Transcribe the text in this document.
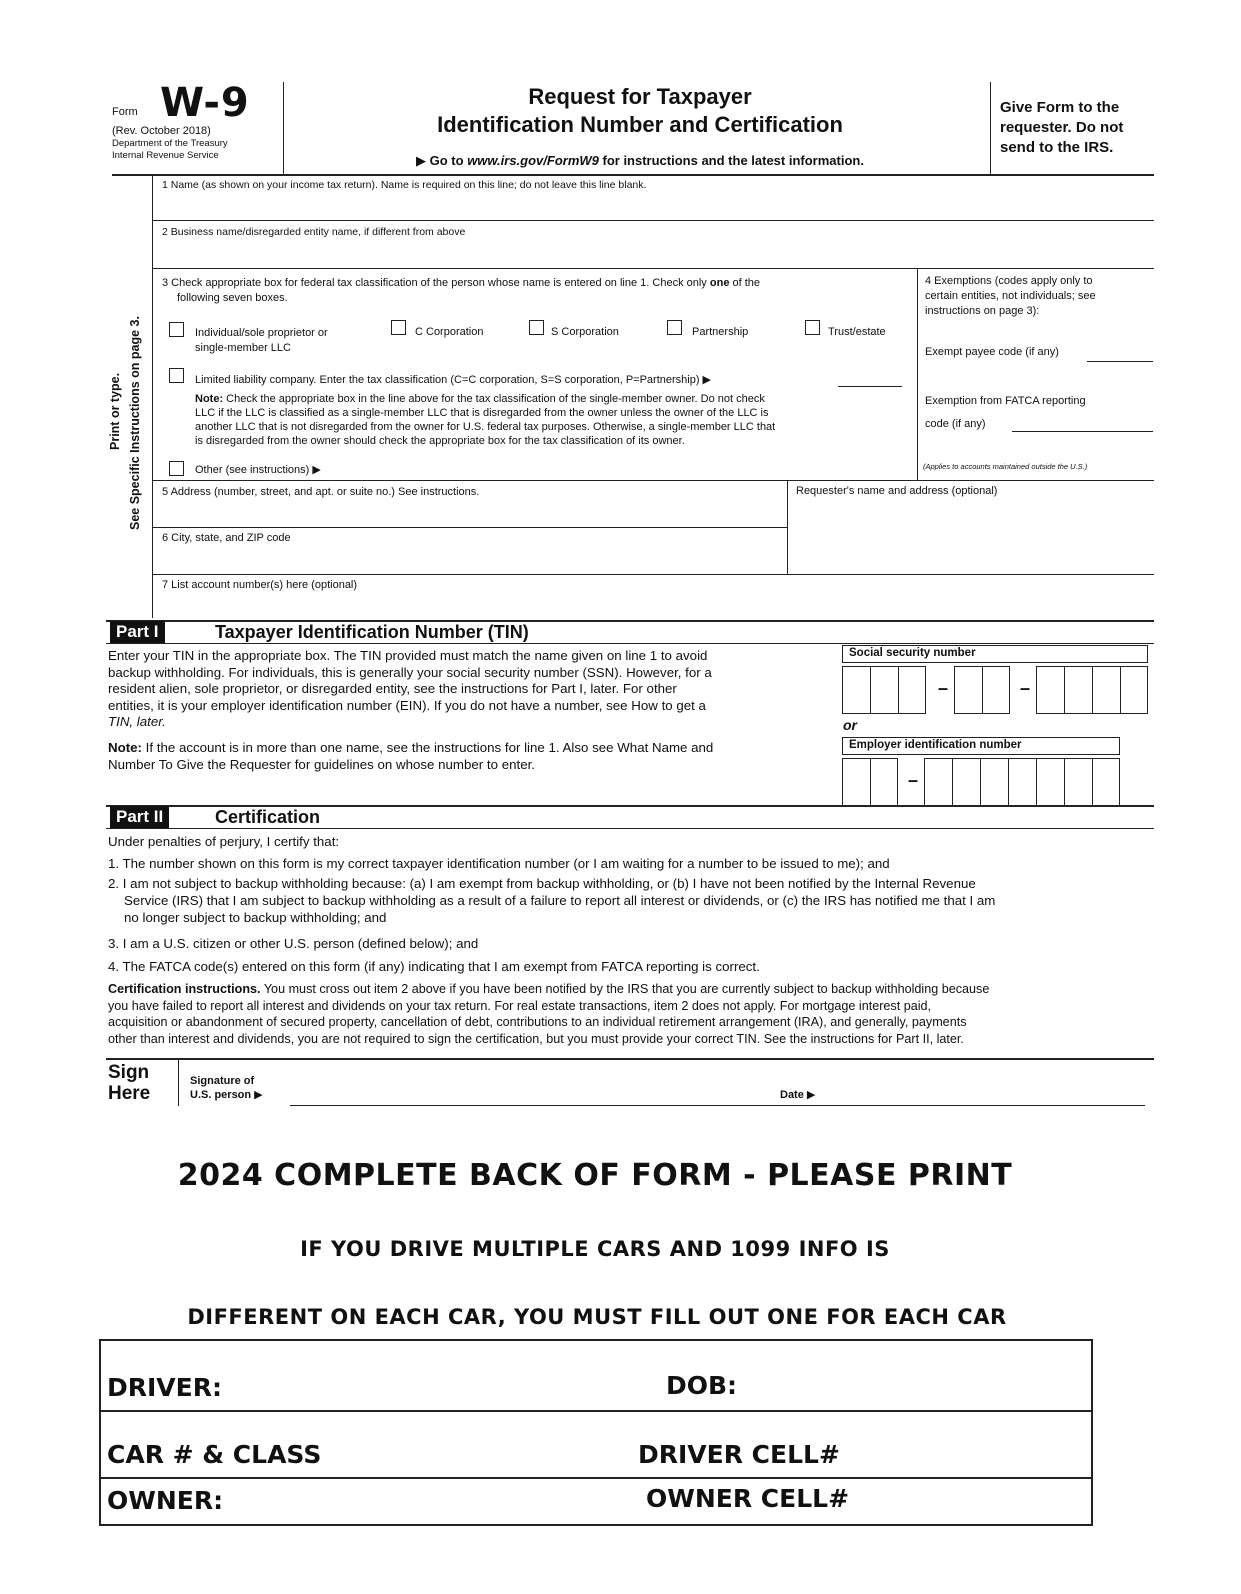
Form W-9
(Rev. October 2018)
Department of the Treasury
Internal Revenue Service
Request for Taxpayer
Identification Number and Certification
▶ Go to www.irs.gov/FormW9 for instructions and the latest information.
Give Form to the
requester. Do not
send to the IRS.
Print or type. See Specific Instructions on page 3.
1 Name (as shown on your income tax return). Name is required on this line; do not leave this line blank.
2 Business name/disregarded entity name, if different from above
3 Check appropriate box for federal tax classification of the person whose name is entered on line 1. Check only one of the
following seven boxes.
Individual/sole proprietor or
single-member LLC
C Corporation	S Corporation	Partnership	Trust/estate
Limited liability company. Enter the tax classification (C=C corporation, S=S corporation, P=Partnership) ▶
Note: Check the appropriate box in the line above for the tax classification of the single-member owner. Do not check
LLC if the LLC is classified as a single-member LLC that is disregarded from the owner unless the owner of the LLC is
another LLC that is not disregarded from the owner for U.S. federal tax purposes. Otherwise, a single-member LLC that
is disregarded from the owner should check the appropriate box for the tax classification of its owner.
Other (see instructions) ▶
4 Exemptions (codes apply only to
certain entities, not individuals; see
instructions on page 3):
Exempt payee code (if any)
Exemption from FATCA reporting
code (if any)
(Applies to accounts maintained outside the U.S.)
5 Address (number, street, and apt. or suite no.) See instructions.	Requester's name and address (optional)
6 City, state, and ZIP code
7 List account number(s) here (optional)
Part I	Taxpayer Identification Number (TIN)
Enter your TIN in the appropriate box. The TIN provided must match the name given on line 1 to avoid
backup withholding. For individuals, this is generally your social security number (SSN). However, for a
resident alien, sole proprietor, or disregarded entity, see the instructions for Part I, later. For other
entities, it is your employer identification number (EIN). If you do not have a number, see How to get a
TIN, later.
Note: If the account is in more than one name, see the instructions for line 1. Also see What Name and
Number To Give the Requester for guidelines on whose number to enter.
Social security number
–	–
or
Employer identification number
–
Part II	Certification
Under penalties of perjury, I certify that:
1. The number shown on this form is my correct taxpayer identification number (or I am waiting for a number to be issued to me); and
2. I am not subject to backup withholding because: (a) I am exempt from backup withholding, or (b) I have not been notified by the Internal Revenue
Service (IRS) that I am subject to backup withholding as a result of a failure to report all interest or dividends, or (c) the IRS has notified me that I am
no longer subject to backup withholding; and
3. I am a U.S. citizen or other U.S. person (defined below); and
4. The FATCA code(s) entered on this form (if any) indicating that I am exempt from FATCA reporting is correct.
Certification instructions. You must cross out item 2 above if you have been notified by the IRS that you are currently subject to backup withholding because
you have failed to report all interest and dividends on your tax return. For real estate transactions, item 2 does not apply. For mortgage interest paid,
acquisition or abandonment of secured property, cancellation of debt, contributions to an individual retirement arrangement (IRA), and generally, payments
other than interest and dividends, you are not required to sign the certification, but you must provide your correct TIN. See the instructions for Part II, later.
Sign
Here
Signature of
U.S. person ▶	Date ▶
2024 COMPLETE BACK OF FORM - PLEASE PRINT
IF YOU DRIVE MULTIPLE CARS AND 1099 INFO IS
DIFFERENT ON EACH CAR, YOU MUST FILL OUT ONE FOR EACH CAR
DRIVER:	DOB:
CAR # & CLASS	DRIVER CELL#
OWNER:	OWNER CELL#
